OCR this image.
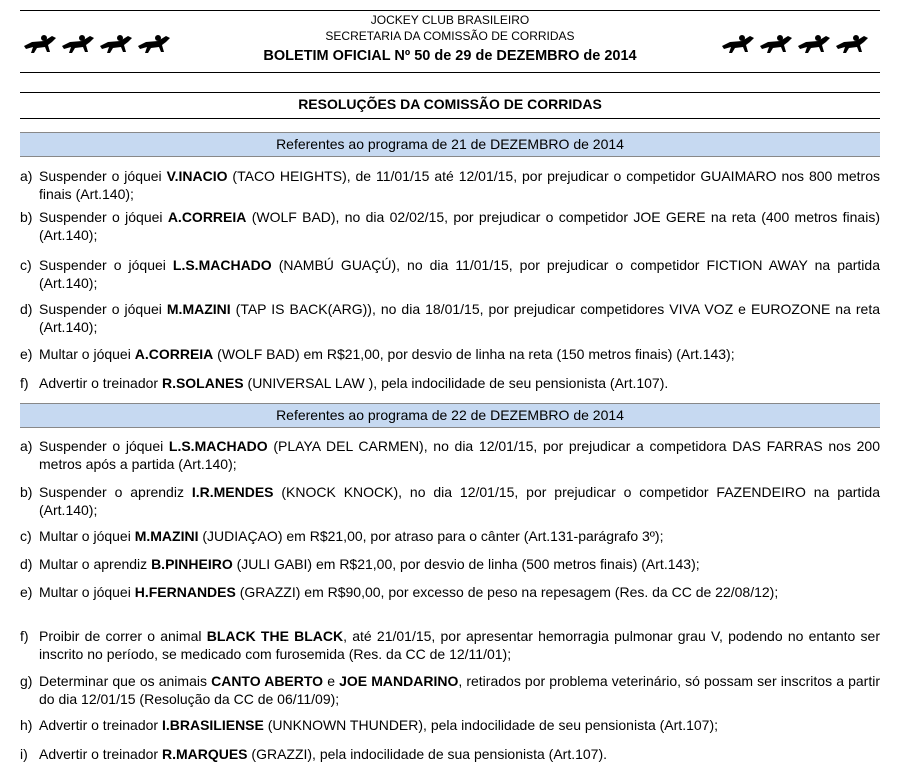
JOCKEY CLUB BRASILEIRO
SECRETARIA DA COMISSÃO DE CORRIDAS
BOLETIM OFICIAL Nº 50 de 29 de DEZEMBRO de 2014
RESOLUÇÕES DA COMISSÃO DE CORRIDAS
Referentes ao programa de 21 de DEZEMBRO de 2014
a) Suspender o jóquei V.INACIO (TACO HEIGHTS), de 11/01/15 até 12/01/15, por prejudicar o competidor GUAIMARO nos 800 metros finais (Art.140);
b) Suspender o jóquei A.CORREIA (WOLF BAD), no dia 02/02/15, por prejudicar o competidor JOE GERE na reta (400 metros finais) (Art.140);
c) Suspender o jóquei L.S.MACHADO (NAMBÚ GUAÇÚ), no dia 11/01/15, por prejudicar o competidor FICTION AWAY na partida (Art.140);
d) Suspender o jóquei M.MAZINI (TAP IS BACK(ARG)), no dia 18/01/15, por prejudicar competidores VIVA VOZ e EUROZONE na reta (Art.140);
e) Multar o jóquei A.CORREIA (WOLF BAD) em R$21,00, por desvio de linha na reta (150 metros finais) (Art.143);
f) Advertir o treinador R.SOLANES (UNIVERSAL LAW ), pela indocilidade de seu pensionista (Art.107).
Referentes ao programa de 22 de DEZEMBRO de 2014
a) Suspender o jóquei L.S.MACHADO (PLAYA DEL CARMEN), no dia 12/01/15, por prejudicar a competidora DAS FARRAS nos 200 metros após a partida (Art.140);
b) Suspender o aprendiz I.R.MENDES (KNOCK KNOCK), no dia 12/01/15, por prejudicar o competidor FAZENDEIRO na partida (Art.140);
c) Multar o jóquei M.MAZINI (JUDIAÇAO) em R$21,00, por atraso para o cânter (Art.131-parágrafo 3º);
d) Multar o aprendiz B.PINHEIRO (JULI GABI) em R$21,00, por desvio de linha (500 metros finais) (Art.143);
e) Multar o jóquei H.FERNANDES (GRAZZI) em R$90,00, por excesso de peso na repesagem (Res. da CC de 22/08/12);
f) Proibir de correr o animal BLACK THE BLACK, até 21/01/15, por apresentar hemorragia pulmonar grau V, podendo no entanto ser inscrito no período, se medicado com furosemida (Res. da CC de 12/11/01);
g) Determinar que os animais CANTO ABERTO e JOE MANDARINO, retirados por problema veterinário, só possam ser inscritos a partir do dia 12/01/15 (Resolução da CC de 06/11/09);
h) Advertir o treinador I.BRASILIENSE (UNKNOWN THUNDER), pela indocilidade de seu pensionista (Art.107);
i) Advertir o treinador R.MARQUES (GRAZZI), pela indocilidade de sua pensionista (Art.107).
